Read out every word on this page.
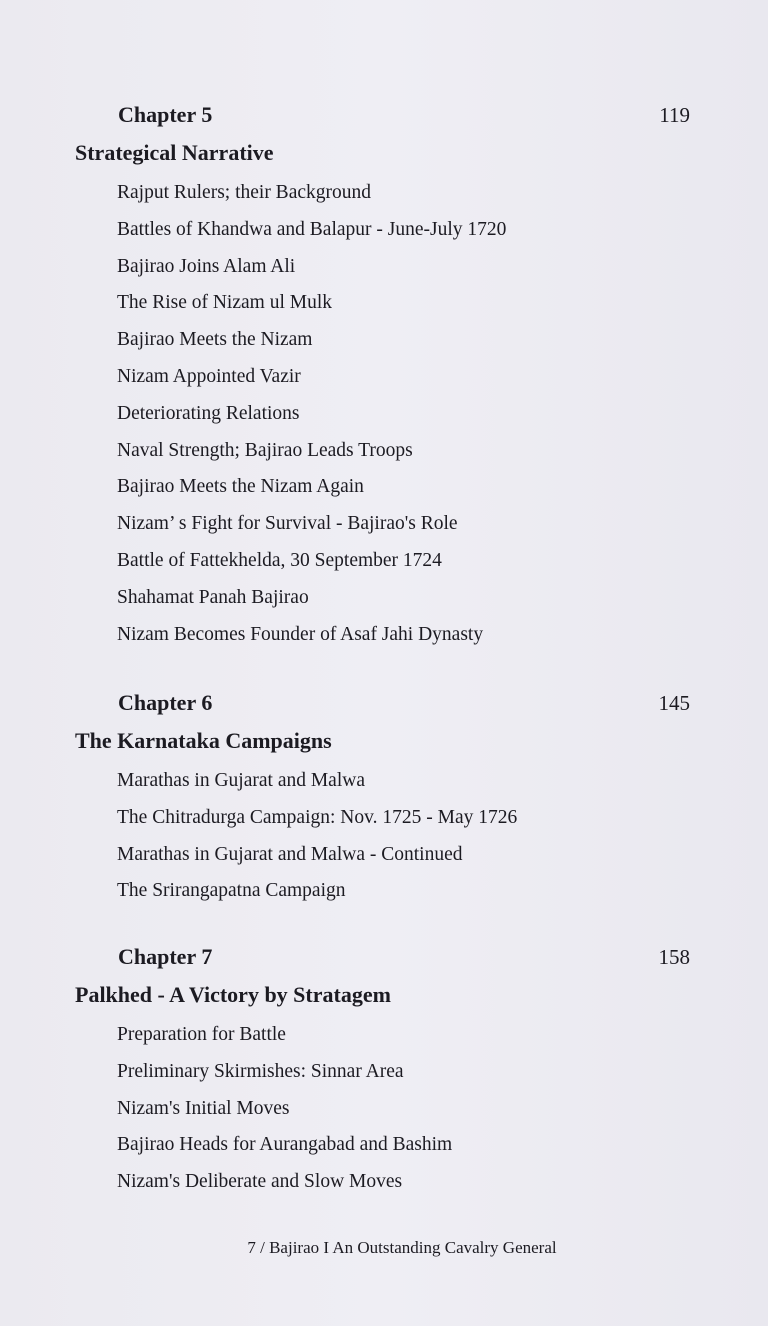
Chapter 5	119
Strategical Narrative
Rajput Rulers; their Background
Battles of Khandwa and Balapur - June-July 1720
Bajirao Joins Alam Ali
The Rise of Nizam ul Mulk
Bajirao Meets the Nizam
Nizam Appointed Vazir
Deteriorating Relations
Naval Strength; Bajirao Leads Troops
Bajirao Meets the Nizam Again
Nizam’ s Fight for Survival - Bajirao's Role
Battle of Fattekhelda, 30 September 1724
Shahamat Panah Bajirao
Nizam Becomes Founder of Asaf Jahi Dynasty
Chapter 6	145
The Karnataka Campaigns
Marathas in Gujarat and Malwa
The Chitradurga Campaign: Nov. 1725 - May 1726
Marathas in Gujarat and Malwa - Continued
The Srirangapatna Campaign
Chapter 7	158
Palkhed - A Victory by Stratagem
Preparation for Battle
Preliminary Skirmishes: Sinnar Area
Nizam's Initial Moves
Bajirao Heads for Aurangabad and Bashim
Nizam's Deliberate and Slow Moves
7 / Bajirao I An Outstanding Cavalry General
